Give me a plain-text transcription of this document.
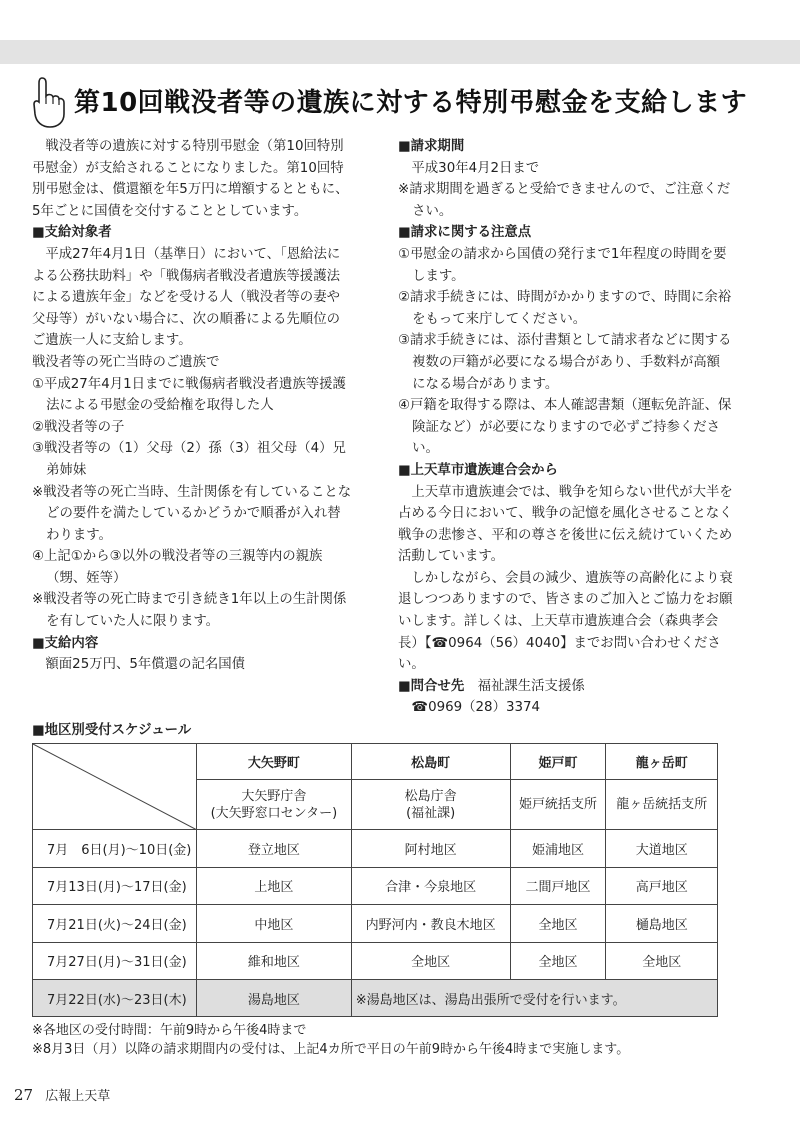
第10回戦没者等の遺族に対する特別弔慰金を支給します

戦没者等の遺族に対する特別弔慰金（第10回特別弔慰金）が支給されることになりました。第10回特別弔慰金は、償還額を年5万円に増額するとともに、5年ごとに国債を交付することとしています。

■支給対象者

平成27年4月1日（基準日）において、「恩給法による公務扶助料」や「戦傷病者戦没者遺族等援護法による遺族年金」などを受ける人（戦没者等の妻や父母等）がいない場合に、次の順番による先順位のご遺族一人に支給します。

戦没者等の死亡当時のご遺族で

①平成27年4月1日までに戦傷病者戦没者遺族等援護法による弔慰金の受給権を取得した人

②戦没者等の子

③戦没者等の（1）父母（2）孫（3）祖父母（4）兄弟姉妹

※戦没者等の死亡当時、生計関係を有していることなどの要件を満たしているかどうかで順番が入れ替わります。

④上記①から③以外の戦没者等の三親等内の親族（甥、姪等）

※戦没者等の死亡時まで引き続き1年以上の生計関係を有していた人に限ります。

■支給内容

額面25万円、5年償還の記名国債

■請求期間

平成30年4月2日まで

※請求期間を過ぎると受給できませんので、ご注意ください。

■請求に関する注意点

①弔慰金の請求から国債の発行まで1年程度の時間を要します。

②請求手続きには、時間がかかりますので、時間に余裕をもって来庁してください。

③請求手続きには、添付書類として請求者などに関する複数の戸籍が必要になる場合があり、手数料が高額になる場合があります。

④戸籍を取得する際は、本人確認書類（運転免許証、保険証など）が必要になりますので必ずご持参ください。

■上天草市遺族連合会から

上天草市遺族連会では、戦争を知らない世代が大半を占める今日において、戦争の記憶を風化させることなく戦争の悲惨さ、平和の尊さを後世に伝え続けていくため活動しています。

しかしながら、会員の減少、遺族等の高齢化により衰退しつつありますので、皆さまのご加入とご協力をお願いします。詳しくは、上天草市遺族連合会（森典孝会長）【☎0964（56）4040】までお問い合わせください。

■問合せ先　 福祉課生活支援係

☎0969（28）3374

■地区別受付スケジュール
	大矢野町	松島町	姫戸町	龍ヶ岳町
	大矢野庁舎
(大矢野窓口センター)	松島庁舎
(福祉課)	姫戸統括支所	龍ヶ岳統括支所
7月　6日(月)～10日(金)	登立地区	阿村地区	姫浦地区	大道地区
7月13日(月)～17日(金)	上地区	合津・今泉地区	二間戸地区	高戸地区
7月21日(火)～24日(金)	中地区	内野河内・教良木地区	全地区	樋島地区
7月27日(月)～31日(金)	維和地区	全地区	全地区	全地区
7月22日(水)～23日(木)	湯島地区	※湯島地区は、湯島出張所で受付を行います。		

※各地区の受付時間：午前9時から午後4時まで

※8月3日（月）以降の請求期間内の受付は、上記4カ所で平日の午前9時から午後4時まで実施します。

27 広報上天草
